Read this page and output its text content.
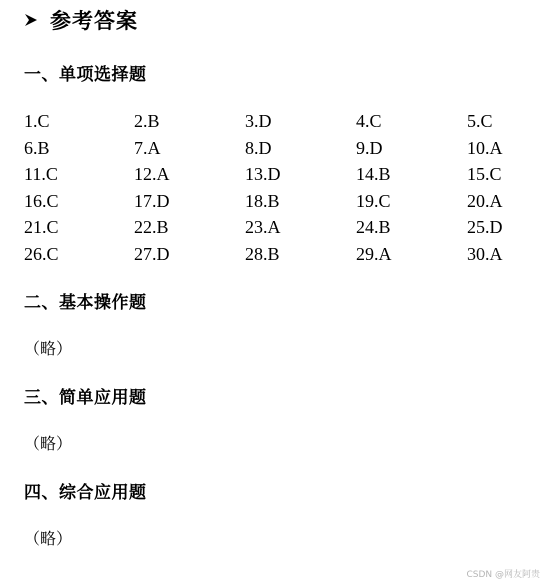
参考答案
一、单项选择题
1.C	2.B	3.D	4.C	5.C
6.B	7.A	8.D	9.D	10.A
11.C	12.A	13.D	14.B	15.C
16.C	17.D	18.B	19.C	20.A
21.C	22.B	23.A	24.B	25.D
26.C	27.D	28.B	29.A	30.A
二、基本操作题
（略）
三、简单应用题
（略）
四、综合应用题
（略）
CSDN @网友阿贵
